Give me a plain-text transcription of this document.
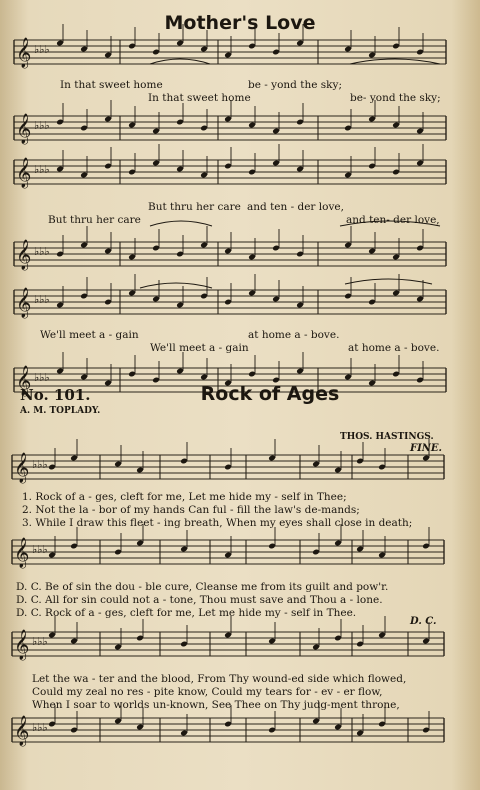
𝄞 ♭♭♭
𝄞 ♭♭♭
𝄞 ♭♭♭
𝄞 ♭♭♭
𝄞 ♭♭♭
𝄞 ♭♭♭
𝄞 ♭♭♭
𝄞 ♭♭♭
𝄞 ♭♭♭
𝄞 ♭♭♭
Mother's Love
In that sweet home
In that sweet home
be - yond the sky;
be- yond the sky;
But thru her care and ten - der love,
But thru her care	and ten- der love,
We'll meet a - gain	at home a - bove.
We'll meet a - gain	at home a - bove.
No. 101.	Rock of Ages
A. M. TOPLADY.
THOS. HASTINGS.
FINE.
D. C.
1. Rock of a - ges, cleft for me, Let me hide my - self in Thee;
2. Not the la - bor of my hands Can ful - fill the law's de-mands;
3. While I draw this fleet - ing breath, When my eyes shall close in death;
D. C. Be of sin the dou - ble cure, Cleanse me from its guilt and pow'r.
D. C. All for sin could not a - tone, Thou must save and Thou a - lone.
D. C. Rock of a - ges, cleft for me, Let me hide my - self in Thee.
Let the wa - ter and the blood, From Thy wound-ed side which flowed,
Could my zeal no res - pite know, Could my tears for - ev - er flow,
When I soar to worlds un-known, See Thee on Thy judg-ment throne,
